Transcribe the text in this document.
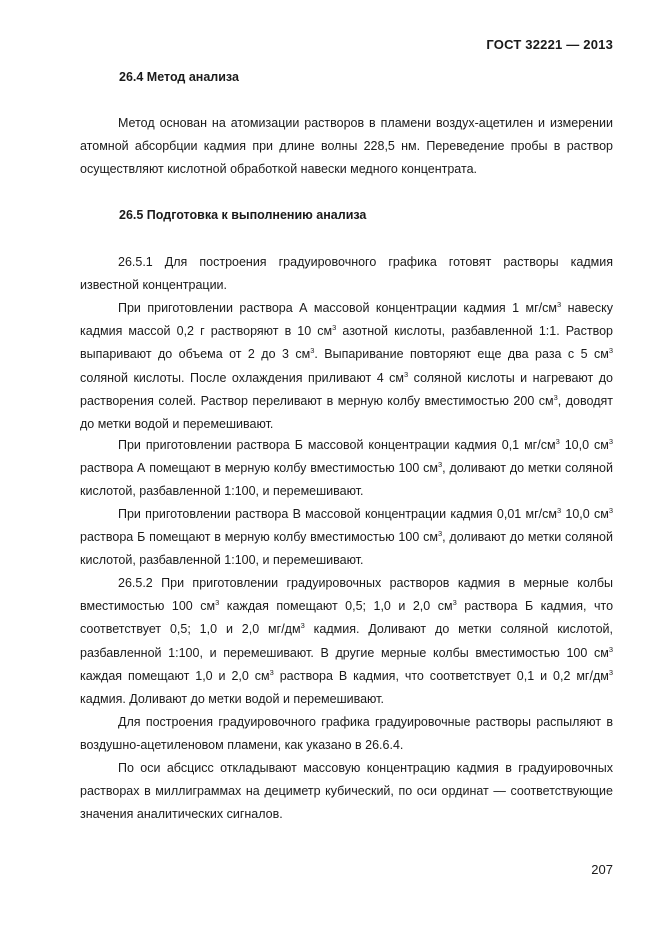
ГОСТ 32221 — 2013
26.4 Метод анализа
Метод основан на атомизации растворов в пламени воздух-ацетилен и измерении атомной абсорбции кадмия при длине волны 228,5 нм. Переведение пробы в раствор осуществляют кислотной обработкой навески медного концентрата.
26.5 Подготовка к выполнению анализа
26.5.1 Для построения градуировочного графика готовят растворы кадмия известной концентрации.
При приготовлении раствора А массовой концентрации кадмия 1 $мг/см^3$ навеску кадмия массой 0,2 г растворяют в 10 $см^3$ азотной кислоты, разбавленной 1:1. Раствор выпаривают до объема от 2 до 3 $см^3$. Выпаривание повторяют еще два раза с 5 $см^3$ соляной кислоты. После охлаждения приливают 4 $см^3$ соляной кислоты и нагревают до растворения солей. Раствор переливают в мерную колбу вместимостью 200 $см^3$, доводят до метки водой и перемешивают.
При приготовлении раствора Б массовой концентрации кадмия 0,1 $мг/см^3$ 10,0 $см^3$ раствора А помещают в мерную колбу вместимостью 100 $см^3$, доливают до метки соляной кислотой, разбавленной 1:100, и перемешивают.
При приготовлении раствора В массовой концентрации кадмия 0,01 $мг/см^3$ 10,0 $см^3$ раствора Б помещают в мерную колбу вместимостью 100 $см^3$, доливают до метки соляной кислотой, разбавленной 1:100, и перемешивают.
26.5.2 При приготовлении градуировочных растворов кадмия в мерные колбы вместимостью 100 $см^3$ каждая помещают 0,5; 1,0 и 2,0 $см^3$ раствора Б кадмия, что соответствует 0,5; 1,0 и 2,0 $мг/дм^3$ кадмия. Доливают до метки соляной кислотой, разбавленной 1:100, и перемешивают. В другие мерные колбы вместимостью 100 $см^3$ каждая помещают 1,0 и 2,0 $см^3$ раствора В кадмия, что соответствует 0,1 и 0,2 $мг/дм^3$ кадмия. Доливают до метки водой и перемешивают.
Для построения градуировочного графика градуировочные растворы распыляют в воздушно-ацетиленовом пламени, как указано в 26.6.4.
По оси абсцисс откладывают массовую концентрацию кадмия в градуировочных растворах в миллиграммах на дециметр кубический, по оси ординат — соответствующие значения аналитических сигналов.
207
